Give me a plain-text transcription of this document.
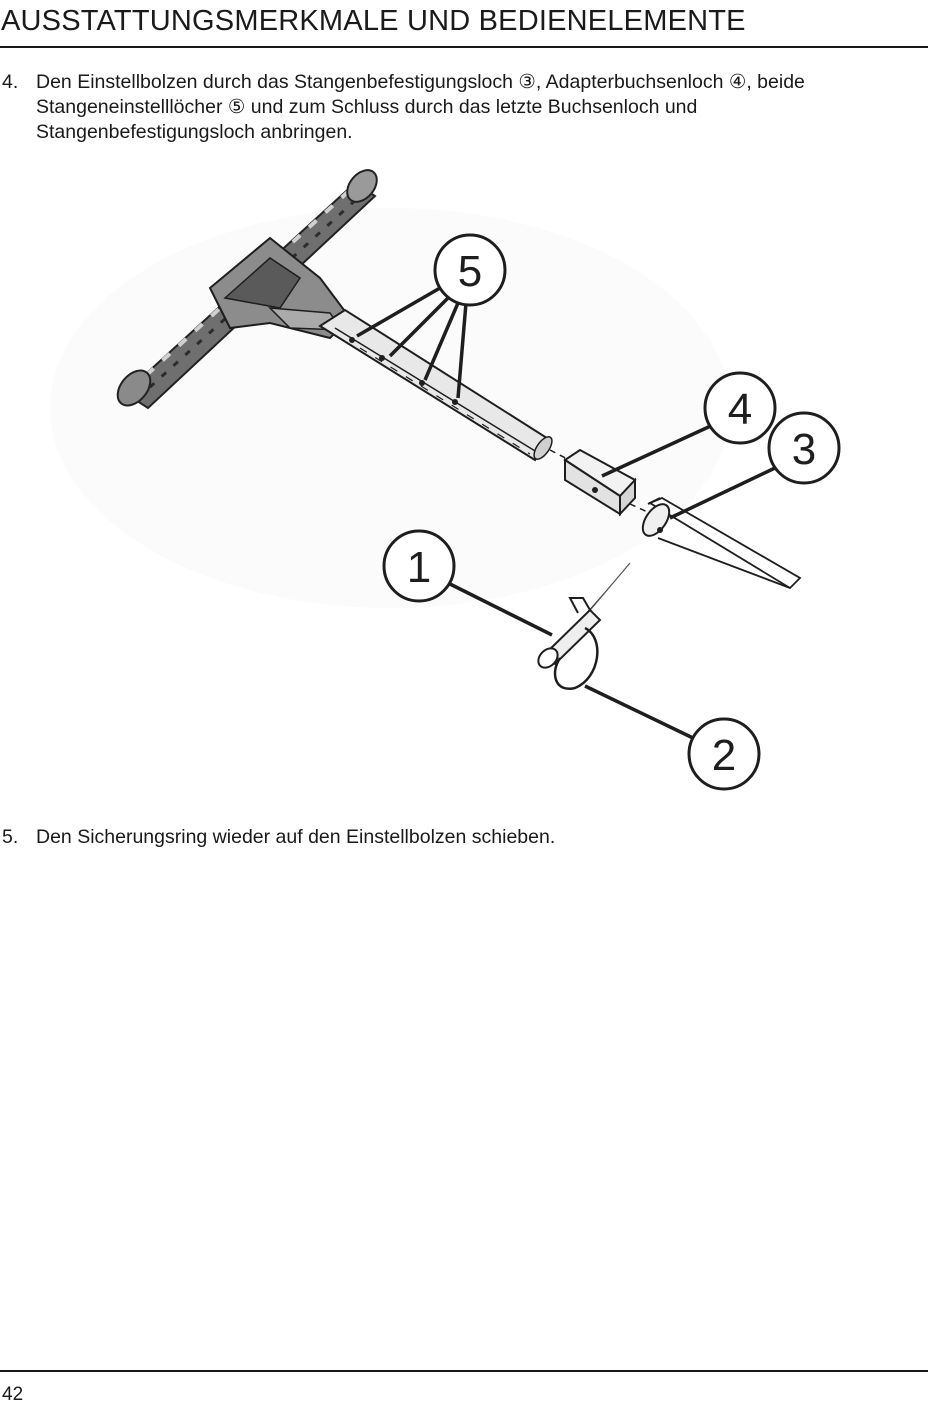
AUSSTATTUNGSMERKMALE UND BEDIENELEMENTE
4. Den Einstellbolzen durch das Stangenbefestigungsloch ③, Adapterbuchsenloch ④, beide Stangeneinstelllöcher ⑤ und zum Schluss durch das letzte Buchsenloch und Stangenbefestigungsloch anbringen.
5
4
3
1
2
5. Den Sicherungsring wieder auf den Einstellbolzen schieben.
42
